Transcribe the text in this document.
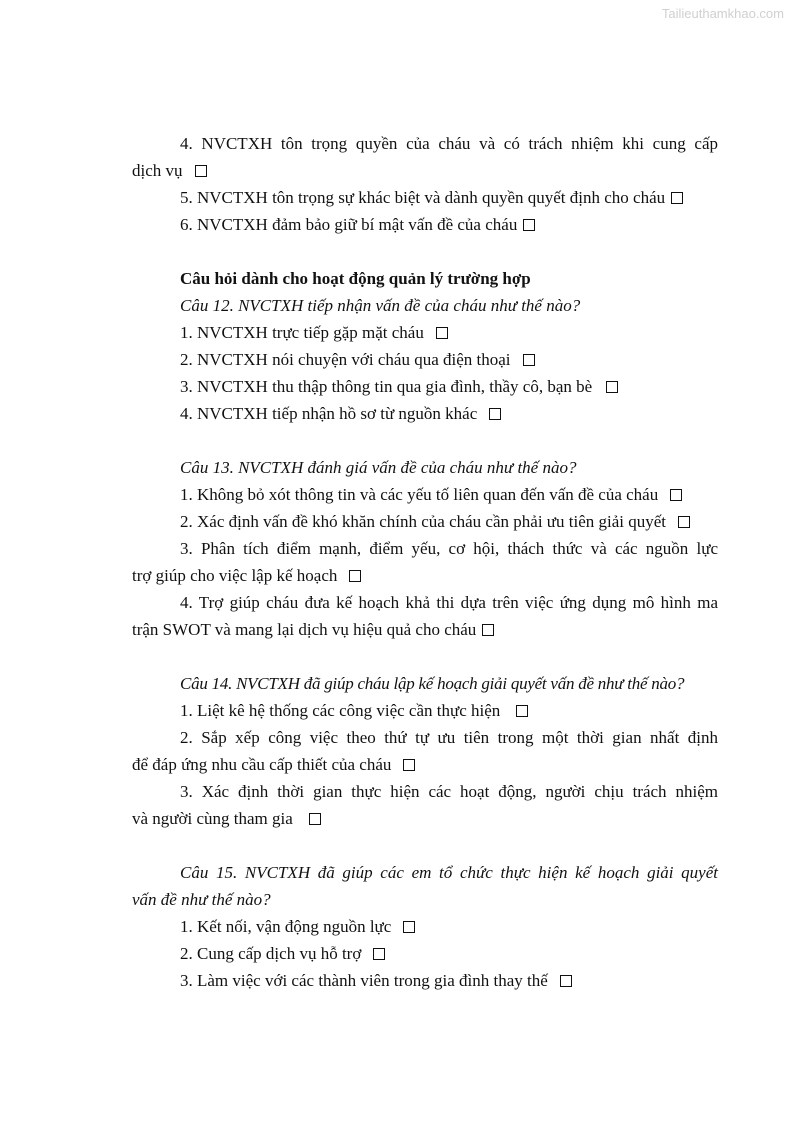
Tailieuthamkhao.com
4. NVCTXH tôn trọng quyền của cháu và có trách nhiệm khi cung cấp
dịch vụ
5. NVCTXH tôn trọng sự khác biệt và dành quyền quyết định cho cháu
6. NVCTXH đảm bảo giữ bí mật vấn đề của cháu
Câu hỏi dành cho hoạt động quản lý trường hợp
Câu 12. NVCTXH tiếp nhận vấn đề của cháu như thế nào?
1. NVCTXH trực tiếp gặp mặt cháu
2. NVCTXH nói chuyện với cháu qua điện thoại
3. NVCTXH thu thập thông tin qua gia đình, thầy cô, bạn bè
4. NVCTXH tiếp nhận hồ sơ từ nguồn khác
Câu 13. NVCTXH đánh giá vấn đề của cháu như thế nào?
1. Không bỏ xót thông tin và các yếu tố liên quan đến vấn đề của cháu
2. Xác định vấn đề khó khăn chính của cháu cần phải ưu tiên giải quyết
3. Phân tích điểm mạnh, điểm yếu, cơ hội, thách thức và các nguồn lực
trợ giúp cho việc lập kế hoạch
4. Trợ giúp cháu đưa kế hoạch khả thi dựa trên việc ứng dụng mô hình ma
trận SWOT và mang lại dịch vụ hiệu quả cho cháu
Câu 14. NVCTXH đã giúp cháu lập kế hoạch giải quyết vấn đề như thế nào?
1. Liệt kê hệ thống các công việc cần thực hiện
2. Sắp xếp công việc theo thứ tự ưu tiên trong một thời gian nhất định
để đáp ứng nhu cầu cấp thiết của cháu
3. Xác định thời gian thực hiện các hoạt động, người chịu trách nhiệm
và người cùng tham gia
Câu 15. NVCTXH đã giúp các em tổ chức thực hiện kế hoạch giải quyết
vấn đề như thế nào?
1. Kết nối, vận động nguồn lực
2. Cung cấp dịch vụ hỗ trợ
3. Làm việc với các thành viên trong gia đình thay thế
